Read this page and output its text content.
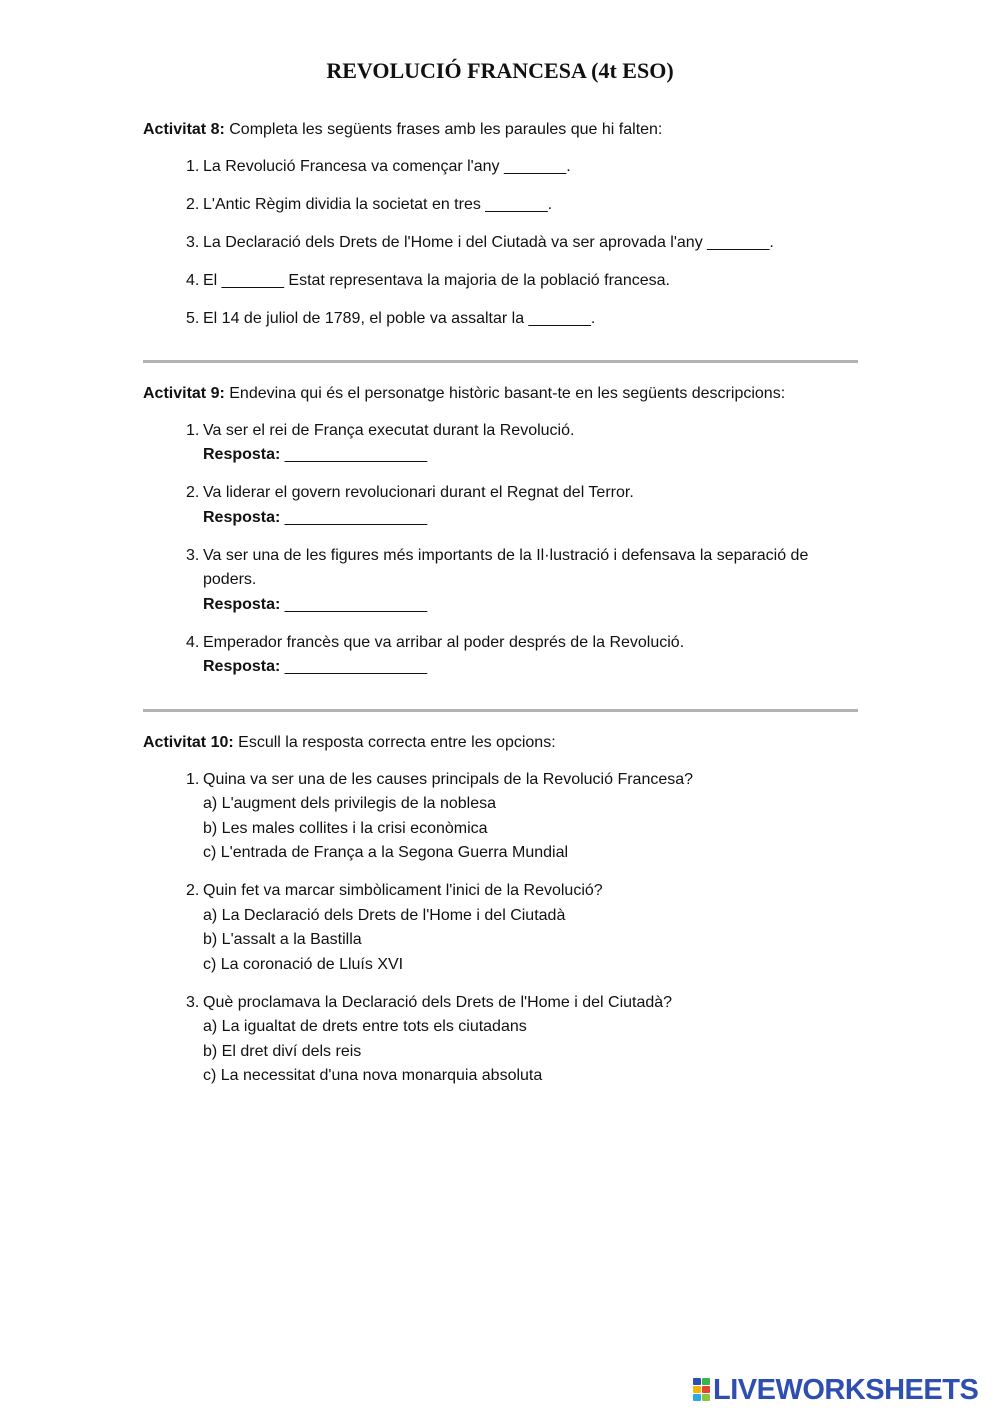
REVOLUCIÓ FRANCESA (4t ESO)

Activitat 8: Completa les següents frases amb les paraules que hi falten:

1. La Revolució Francesa va començar l'any _______.
2. L'Antic Règim dividia la societat en tres _______.
3. La Declaració dels Drets de l'Home i del Ciutadà va ser aprovada l'any _______.
4. El _______ Estat representava la majoria de la població francesa.
5. El 14 de juliol de 1789, el poble va assaltar la _______.

Activitat 9: Endevina qui és el personatge històric basant-te en les següents descripcions:

1. Va ser el rei de França executat durant la Revolució.
Resposta: ________________
2. Va liderar el govern revolucionari durant el Regnat del Terror.
Resposta: ________________
3. Va ser una de les figures més importants de la Il·lustració i defensava la separació de poders.
Resposta: ________________
4. Emperador francès que va arribar al poder després de la Revolució.
Resposta: ________________

Activitat 10: Escull la resposta correcta entre les opcions:

1. Quina va ser una de les causes principals de la Revolució Francesa?
a) L'augment dels privilegis de la noblesa
b) Les males collites i la crisi econòmica
c) L'entrada de França a la Segona Guerra Mundial
2. Quin fet va marcar simbòlicament l'inici de la Revolució?
a) La Declaració dels Drets de l'Home i del Ciutadà
b) L'assalt a la Bastilla
c) La coronació de Lluís XVI
3. Què proclamava la Declaració dels Drets de l'Home i del Ciutadà?
a) La igualtat de drets entre tots els ciutadans
b) El dret diví dels reis
c) La necessitat d'una nova monarquia absoluta
LIVEWORKSHEETS
